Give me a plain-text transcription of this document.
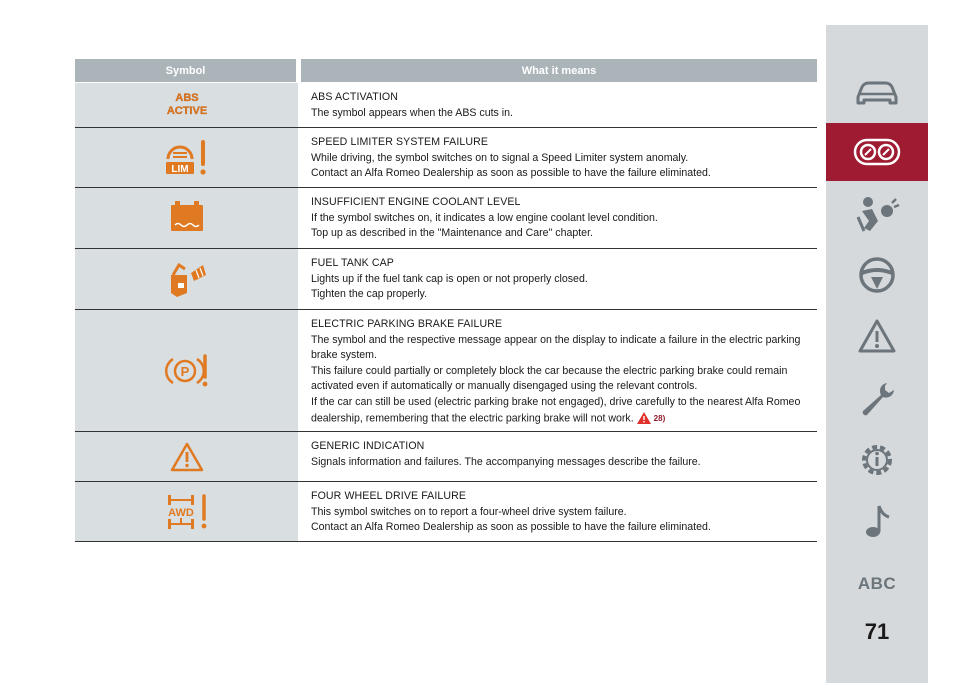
Symbol	What it means
ABS
ACTIVE
ABS ACTIVATION

The symbol appears when the ABS cuts in.

LIM
SPEED LIMITER SYSTEM FAILURE

While driving, the symbol switches on to signal a Speed Limiter system anomaly.

Contact an Alfa Romeo Dealership as soon as possible to have the failure eliminated.

INSUFFICIENT ENGINE COOLANT LEVEL

If the symbol switches on, it indicates a low engine coolant level condition.

Top up as described in the "Maintenance and Care" chapter.

FUEL TANK CAP

Lights up if the fuel tank cap is open or not properly closed.

Tighten the cap properly.

P
ELECTRIC PARKING BRAKE FAILURE

The symbol and the respective message appear on the display to indicate a failure in the electric parking brake system.

This failure could partially or completely block the car because the electric parking brake could remain activated even if automatically or manually disengaged using the relevant controls.

If the car can still be used (electric parking brake not engaged), drive carefully to the nearest Alfa Romeo dealership, remembering that the electric parking brake will not work.	28)

GENERIC INDICATION

Signals information and failures. The accompanying messages describe the failure.

AWD
FOUR WHEEL DRIVE FAILURE

This symbol switches on to report a four-wheel drive system failure.

Contact an Alfa Romeo Dealership as soon as possible to have the failure eliminated.

ABC
71
